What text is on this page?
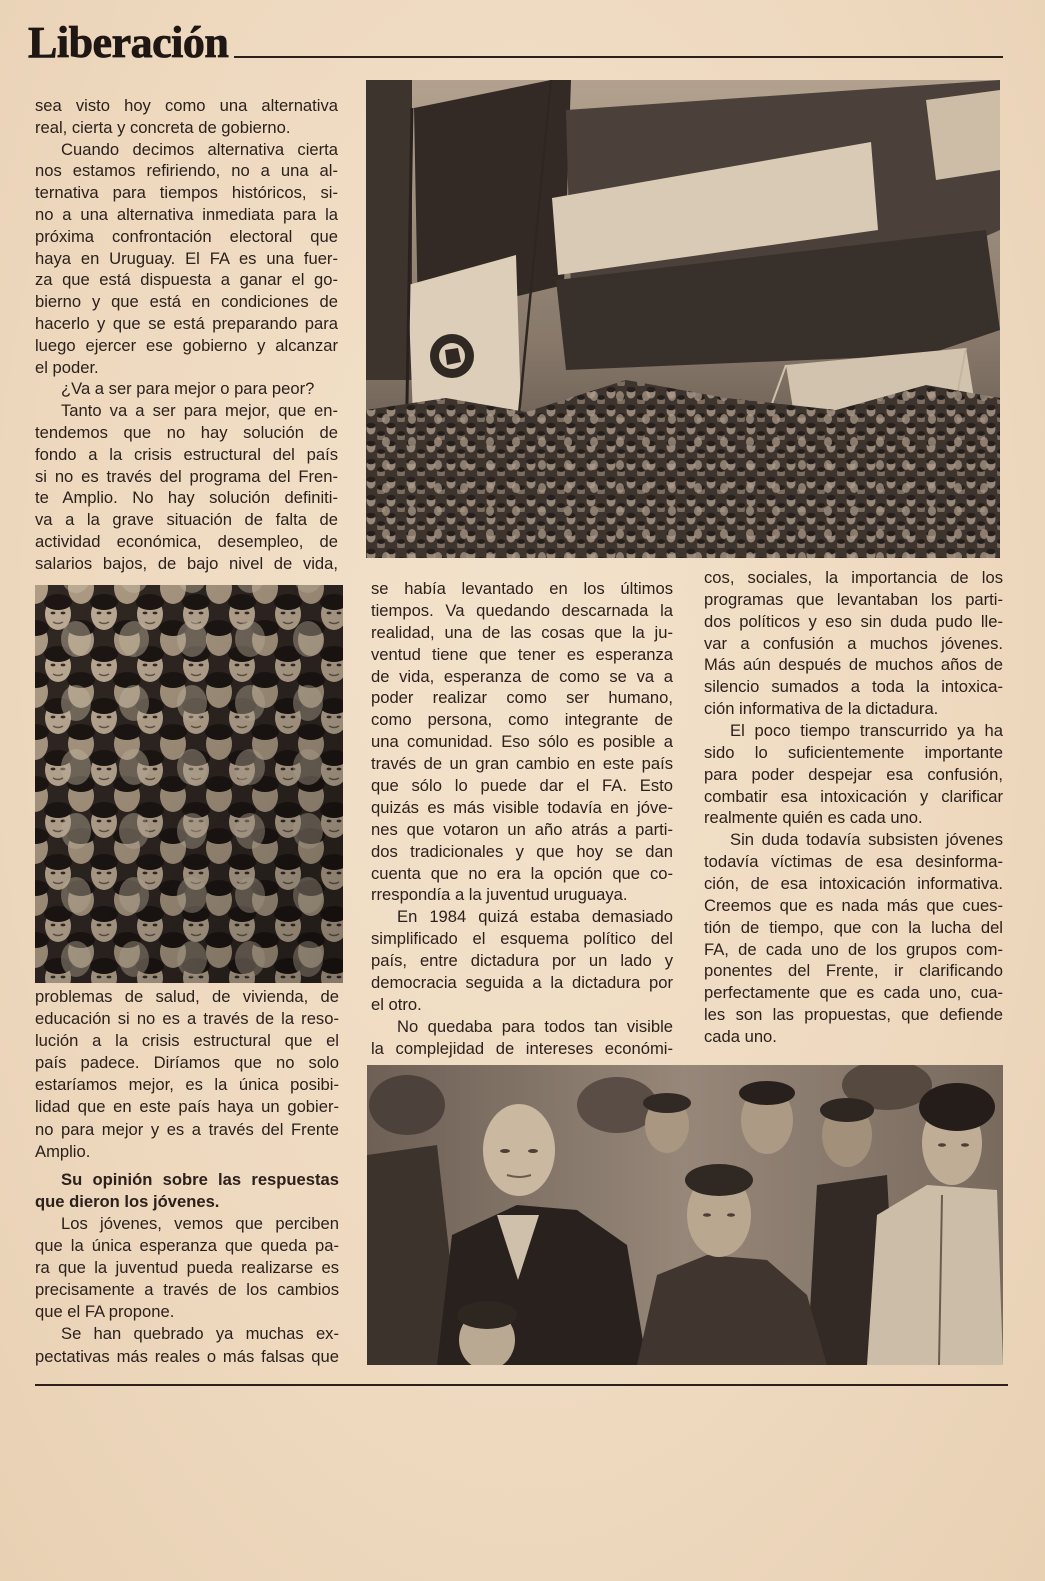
Liberación
sea visto hoy como una alternativa
real, cierta y concreta de gobierno.
Cuando decimos alternativa cierta
nos estamos refiriendo, no a una al-
ternativa para tiempos históricos, si-
no a una alternativa inmediata para la
próxima confrontación electoral que
haya en Uruguay. El FA es una fuer-
za que está dispuesta a ganar el go-
bierno y que está en condiciones de
hacerlo y que se está preparando para
luego ejercer ese gobierno y alcanzar
el poder.
¿Va a ser para mejor o para peor?
Tanto va a ser para mejor, que en-
tendemos que no hay solución de
fondo a la crisis estructural del país
si no es través del programa del Fren-
te Amplio. No hay solución definiti-
va a la grave situación de falta de
actividad económica, desempleo, de
salarios bajos, de bajo nivel de vida,
problemas de salud, de vivienda, de
educación si no es a través de la reso-
lución a la crisis estructural que el
país padece. Diríamos que no solo
estaríamos mejor, es la única posibi-
lidad que en este país haya un gobier-
no para mejor y es a través del Frente
Amplio.
Su opinión sobre las respuestas
que dieron los jóvenes.
Los jóvenes, vemos que perciben
que la única esperanza que queda pa-
ra que la juventud pueda realizarse es
precisamente a través de los cambios
que el FA propone.
Se han quebrado ya muchas ex-
pectativas más reales o más falsas que
se había levantado en los últimos
tiempos. Va quedando descarnada la
realidad, una de las cosas que la ju-
ventud tiene que tener es esperanza
de vida, esperanza de como se va a
poder realizar como ser humano,
como persona, como integrante de
una comunidad. Eso sólo es posible a
través de un gran cambio en este país
que sólo lo puede dar el FA. Esto
quizás es más visible todavía en jóve-
nes que votaron un año atrás a parti-
dos tradicionales y que hoy se dan
cuenta que no era la opción que co-
rrespondía a la juventud uruguaya.
En 1984 quizá estaba demasiado
simplificado el esquema político del
país, entre dictadura por un lado y
democracia seguida a la dictadura por
el otro.
No quedaba para todos tan visible
la complejidad de intereses económi-
cos, sociales, la importancia de los
programas que levantaban los parti-
dos políticos y eso sin duda pudo lle-
var a confusión a muchos jóvenes.
Más aún después de muchos años de
silencio sumados a toda la intoxica-
ción informativa de la dictadura.
El poco tiempo transcurrido ya ha
sido lo suficientemente importante
para poder despejar esa confusión,
combatir esa intoxicación y clarificar
realmente quién es cada uno.
Sin duda todavía subsisten jóvenes
todavía víctimas de esa desinforma-
ción, de esa intoxicación informativa.
Creemos que es nada más que cues-
tión de tiempo, que con la lucha del
FA, de cada uno de los grupos com-
ponentes del Frente, ir clarificando
perfectamente que es cada uno, cua-
les son las propuestas, que defiende
cada uno.
